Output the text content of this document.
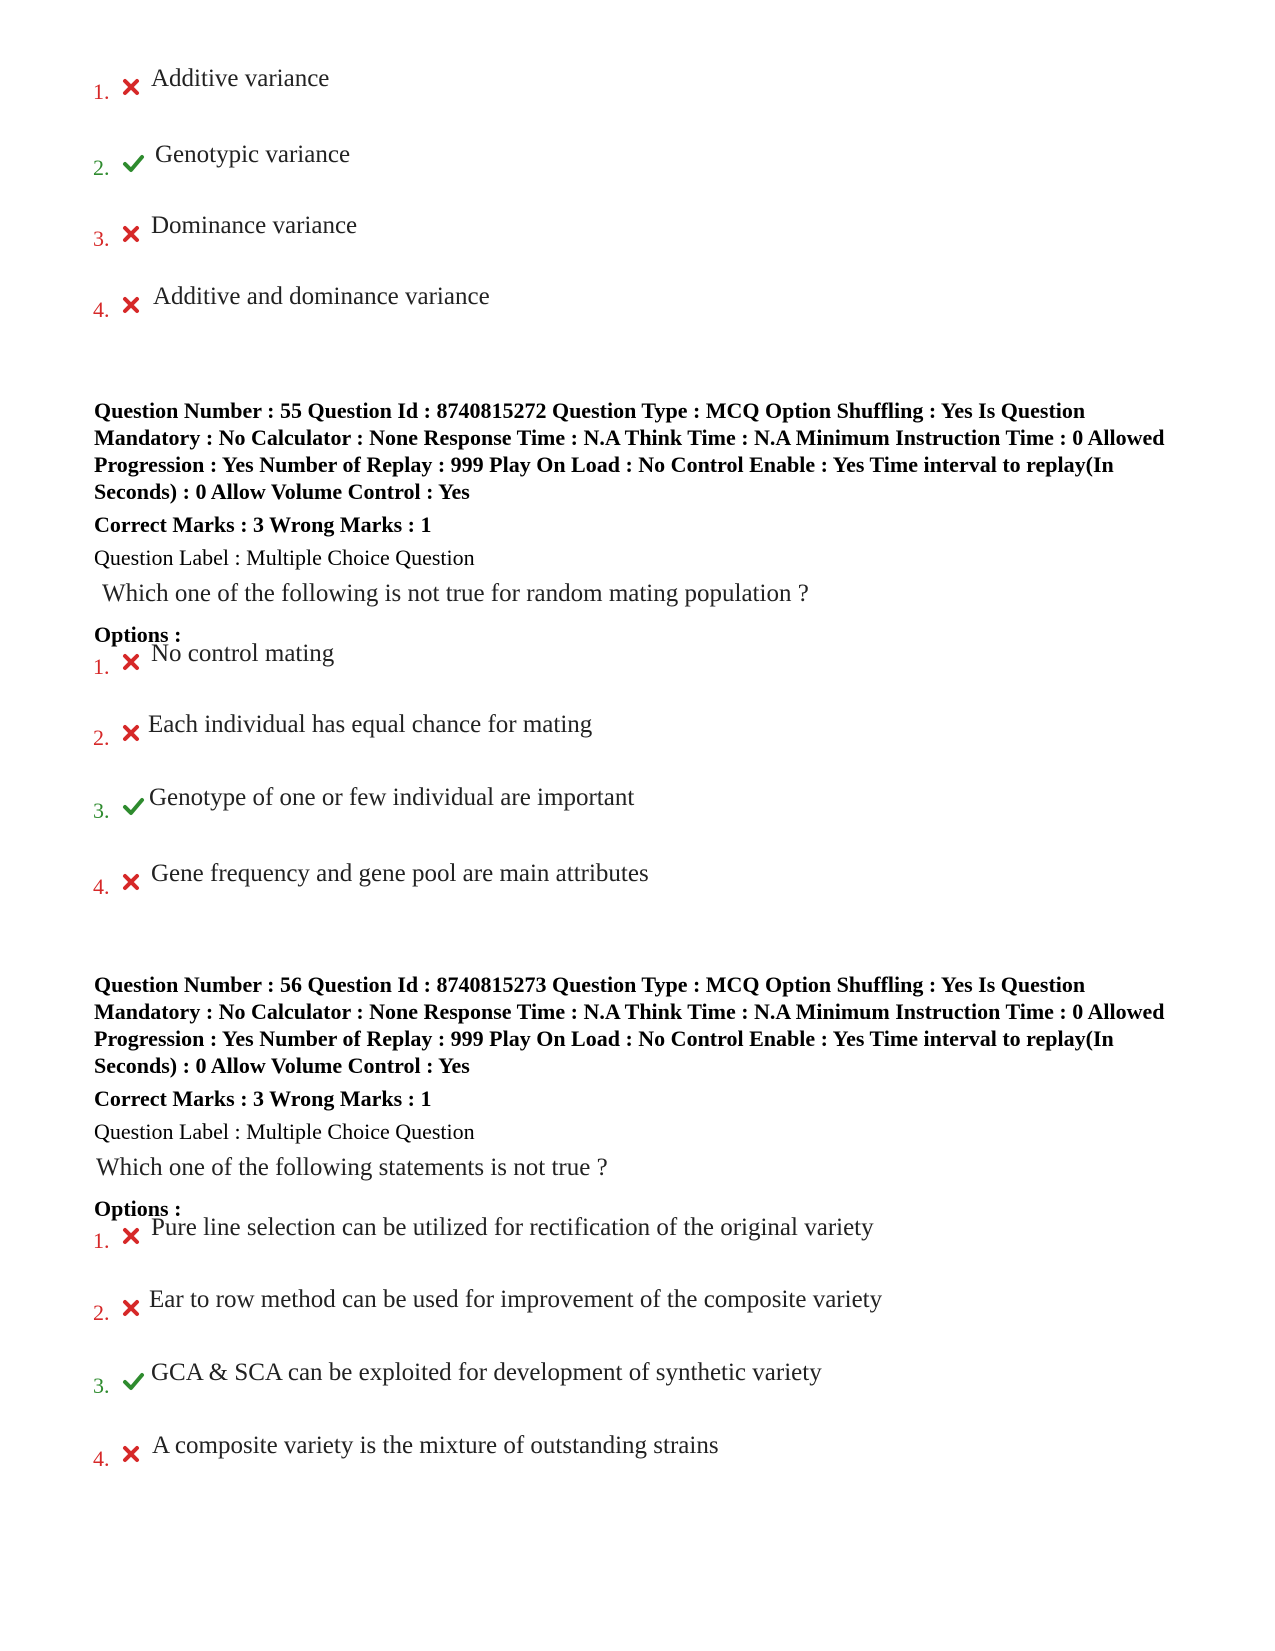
1. Additive variance
2. Genotypic variance
3. Dominance variance
4. Additive and dominance variance

Question Number : 55 Question Id : 8740815272 Question Type : MCQ Option Shuffling : Yes Is Question Mandatory : No Calculator : None Response Time : N.A Think Time : N.A Minimum Instruction Time : 0 Allowed Progression : Yes Number of Replay : 999 Play On Load : No Control Enable : Yes Time interval to replay(In Seconds) : 0 Allow Volume Control : Yes

Correct Marks : 3 Wrong Marks : 1

Question Label : Multiple Choice Question

Which one of the following is not true for random mating population ?

Options :

1. No control mating
2. Each individual has equal chance for mating
3. Genotype of one or few individual are important
4. Gene frequency and gene pool are main attributes

Question Number : 56 Question Id : 8740815273 Question Type : MCQ Option Shuffling : Yes Is Question Mandatory : No Calculator : None Response Time : N.A Think Time : N.A Minimum Instruction Time : 0 Allowed Progression : Yes Number of Replay : 999 Play On Load : No Control Enable : Yes Time interval to replay(In Seconds) : 0 Allow Volume Control : Yes

Correct Marks : 3 Wrong Marks : 1

Question Label : Multiple Choice Question

Which one of the following statements is not true ?

Options :

1. Pure line selection can be utilized for rectification of the original variety
2. Ear to row method can be used for improvement of the composite variety
3. GCA & SCA can be exploited for development of synthetic variety
4. A composite variety is the mixture of outstanding strains
